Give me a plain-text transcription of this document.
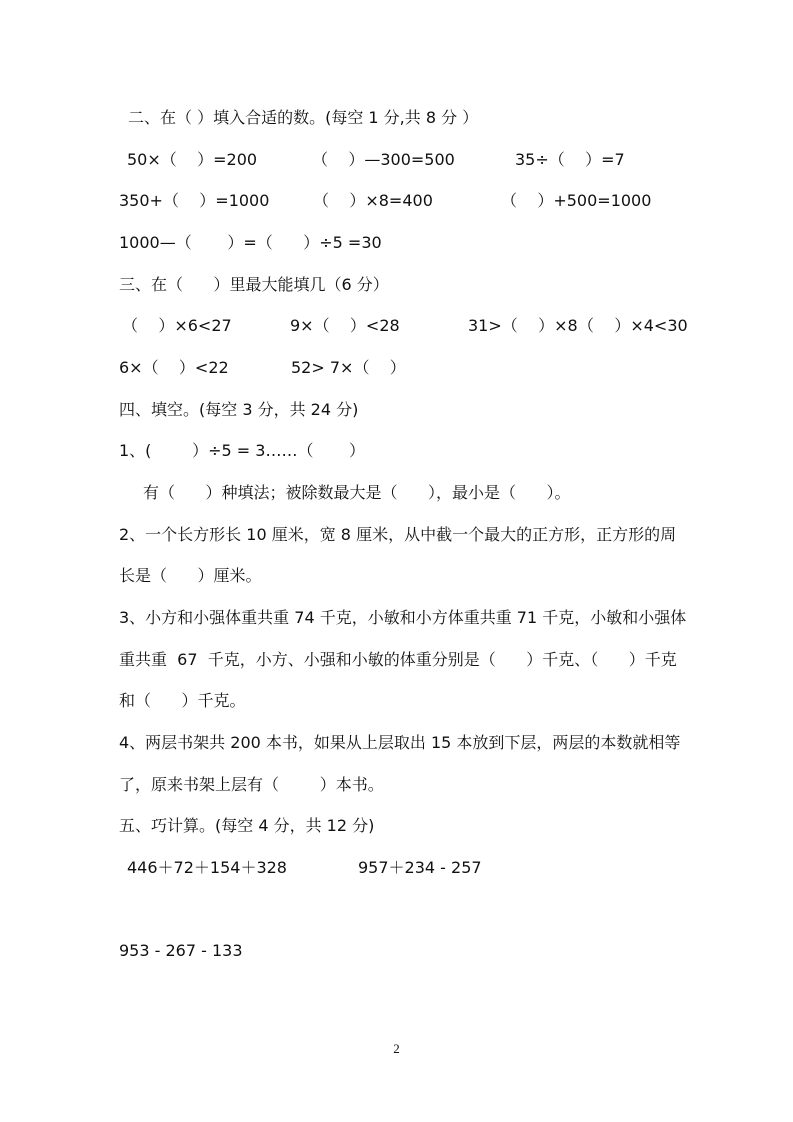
二、在（ ）填入合适的数。(每空 1 分,共 8 分 ）
50×（    ）=200	（    ）—300=500	35÷（    ）=7
350+（    ）=1000	（    ）×8=400	（    ）+500=1000
1000—（       ）=（      ）÷5 =30
三、在（      ）里最大能填几（6 分）
（    ）×6<27	9×（    ）<28	31>（    ）×8 （    ）×4<30
6×（    ）<22	52> 7×（    ）
四、填空。(每空 3 分，共 24 分)
1、(        ）÷5 = 3……（       ）
有（      ）种填法；被除数最大是（      ），最小是（      ）。
2、一个长方形长 10 厘米，宽 8 厘米，从中截一个最大的正方形，正方形的周
长是（      ）厘米。
3、小方和小强体重共重 74 千克，小敏和小方体重共重 71 千克，小敏和小强体
重共重  67  千克，小方、小强和小敏的体重分别是（      ）千克、（      ）千克
和（      ）千克。
4、两层书架共 200 本书，如果从上层取出 15 本放到下层，两层的本数就相等
了，原来书架上层有（        ）本书。
五、巧计算。(每空 4 分，共 12 分)
446＋72＋154＋328	957＋234 - 257
953 - 267 - 133
2
